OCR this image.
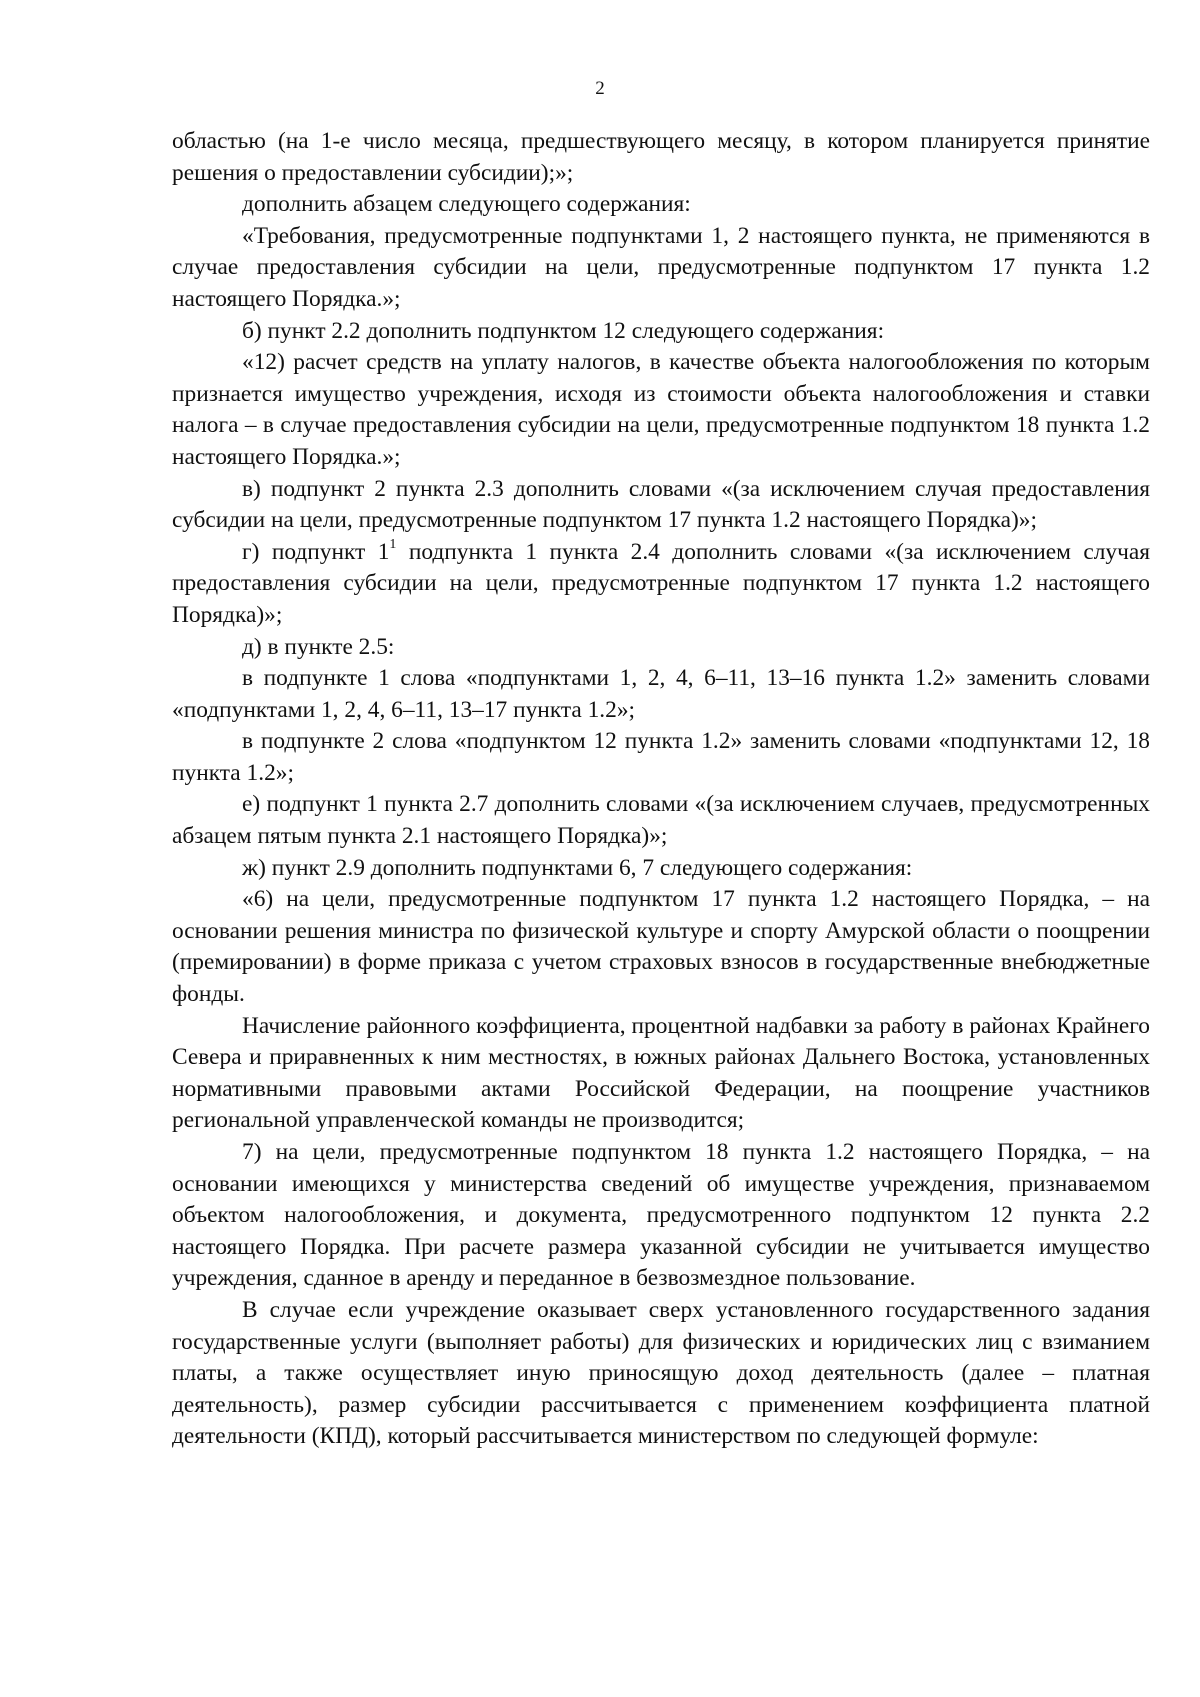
2

областью (на 1-е число месяца, предшествующего месяцу, в котором планируется принятие решения о предоставлении субсидии);»;

дополнить абзацем следующего содержания:

«Требования, предусмотренные подпунктами 1, 2 настоящего пункта, не применяются в случае предоставления субсидии на цели, предусмотренные подпунктом 17 пункта 1.2 настоящего Порядка.»;

б) пункт 2.2 дополнить подпунктом 12 следующего содержания:

«12) расчет средств на уплату налогов, в качестве объекта налогообложения по которым признается имущество учреждения, исходя из стоимости объекта налогообложения и ставки налога – в случае предоставления субсидии на цели, предусмотренные подпунктом 18 пункта 1.2 настоящего Порядка.»;

в) подпункт 2 пункта 2.3 дополнить словами «(за исключением случая предоставления субсидии на цели, предусмотренные подпунктом 17 пункта 1.2 настоящего Порядка)»;

г) подпункт $1^1$ подпункта 1 пункта 2.4 дополнить словами «(за исключением случая предоставления субсидии на цели, предусмотренные подпунктом 17 пункта 1.2 настоящего Порядка)»;

д) в пункте 2.5:

в подпункте 1 слова «подпунктами 1, 2, 4, 6–11, 13–16 пункта 1.2» заменить словами «подпунктами 1, 2, 4, 6–11, 13–17 пункта 1.2»;

в подпункте 2 слова «подпунктом 12 пункта 1.2» заменить словами «подпунктами 12, 18 пункта 1.2»;

е) подпункт 1 пункта 2.7 дополнить словами «(за исключением случаев, предусмотренных абзацем пятым пункта 2.1 настоящего Порядка)»;

ж) пункт 2.9 дополнить подпунктами 6, 7 следующего содержания:

«6) на цели, предусмотренные подпунктом 17 пункта 1.2 настоящего Порядка, – на основании решения министра по физической культуре и спорту Амурской области о поощрении (премировании) в форме приказа с учетом страховых взносов в государственные внебюджетные фонды.

Начисление районного коэффициента, процентной надбавки за работу в районах Крайнего Севера и приравненных к ним местностях, в южных районах Дальнего Востока, установленных нормативными правовыми актами Российской Федерации, на поощрение участников региональной управленческой команды не производится;

7) на цели, предусмотренные подпунктом 18 пункта 1.2 настоящего Порядка, – на основании имеющихся у министерства сведений об имуществе учреждения, признаваемом объектом налогообложения, и документа, предусмотренного подпунктом 12 пункта 2.2 настоящего Порядка. При расчете размера указанной субсидии не учитывается имущество учреждения, сданное в аренду и переданное в безвозмездное пользование.

В случае если учреждение оказывает сверх установленного государственного задания государственные услуги (выполняет работы) для физических и юридических лиц с взиманием платы, а также осуществляет иную приносящую доход деятельность (далее – платная деятельность), размер субсидии рассчитывается с применением коэффициента платной деятельности (КПД), который рассчитывается министерством по следующей формуле:
